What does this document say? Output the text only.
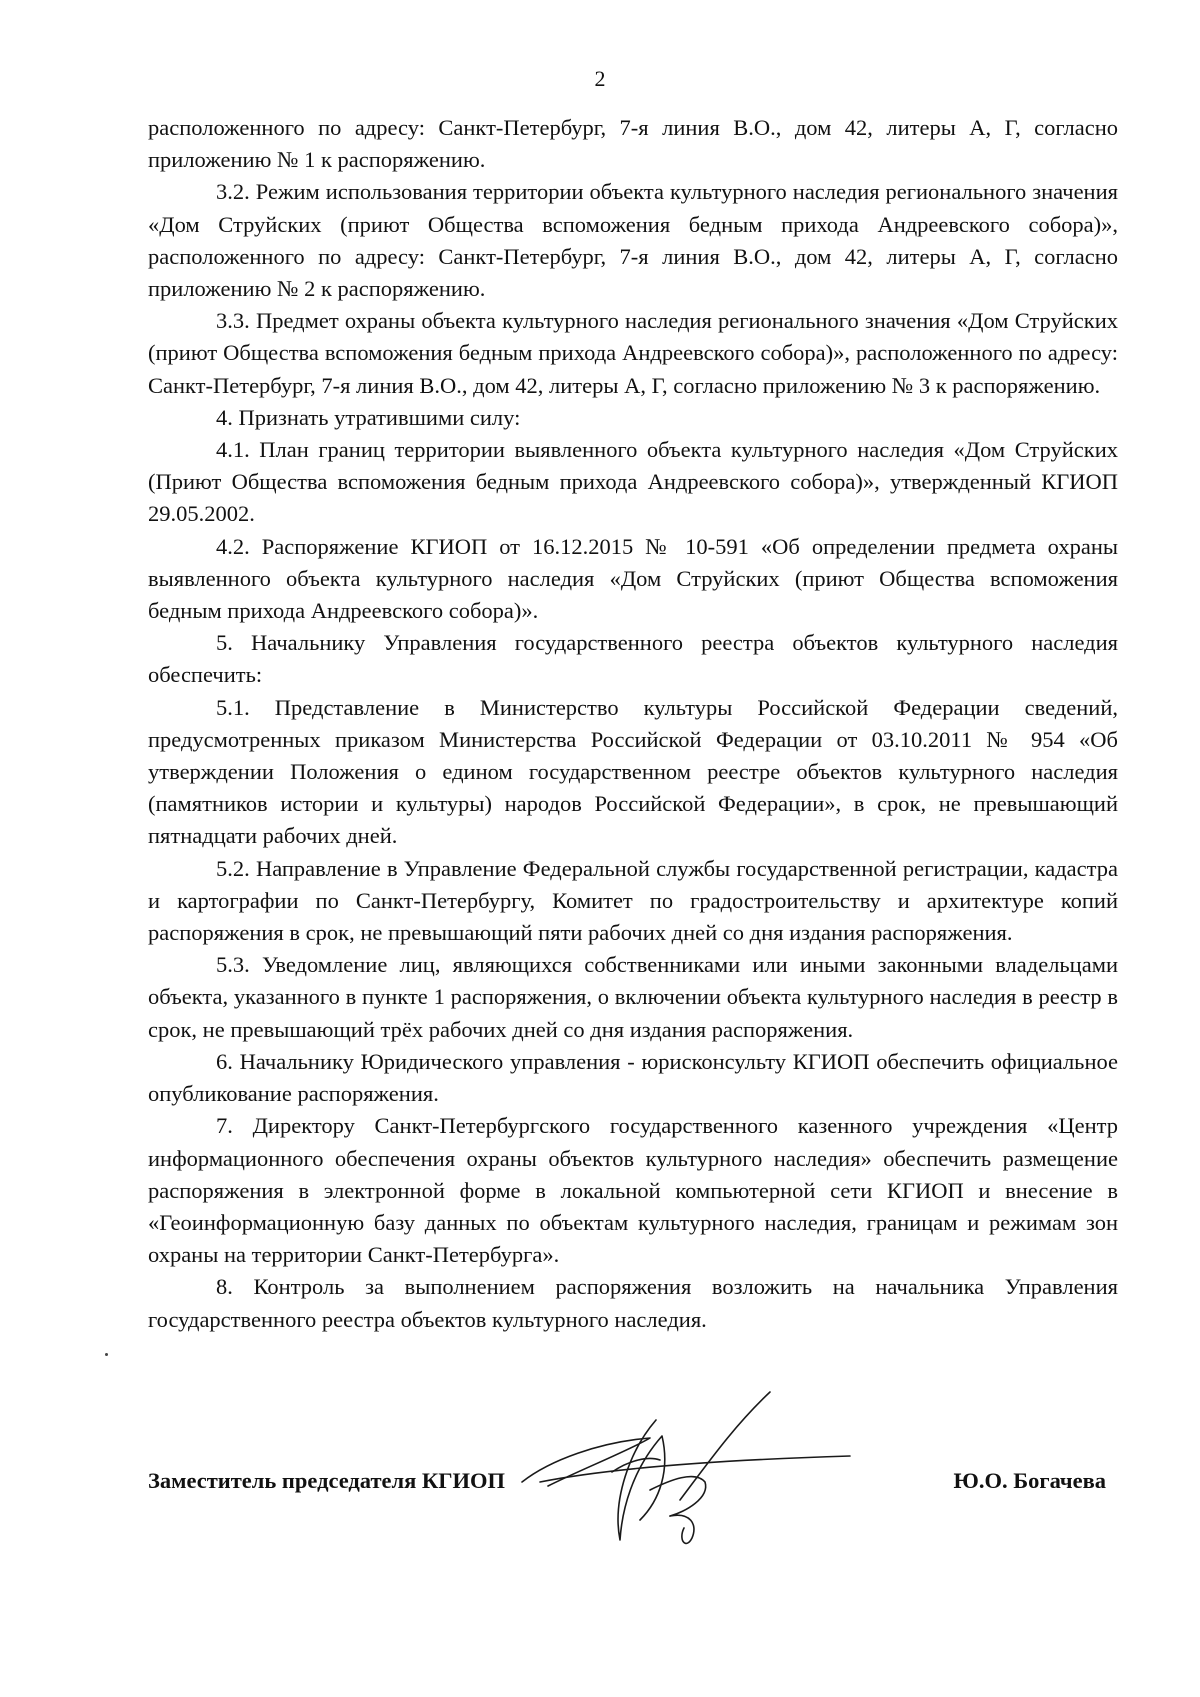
2

расположенного по адресу: Санкт-Петербург, 7-я линия В.О., дом 42, литеры А, Г, согласно приложению № 1 к распоряжению.

3.2. Режим использования территории объекта культурного наследия регионального значения «Дом Струйских (приют Общества вспоможения бедным прихода Андреевского собора)», расположенного по адресу: Санкт-Петербург, 7-я линия В.О., дом 42, литеры А, Г, согласно приложению № 2 к распоряжению.

3.3. Предмет охраны объекта культурного наследия регионального значения «Дом Струйских (приют Общества вспоможения бедным прихода Андреевского собора)», расположенного по адресу: Санкт-Петербург, 7-я линия В.О., дом 42, литеры А, Г, согласно приложению № 3 к распоряжению.

4. Признать утратившими силу:

4.1. План границ территории выявленного объекта культурного наследия «Дом Струйских (Приют Общества вспоможения бедным прихода Андреевского собора)», утвержденный КГИОП 29.05.2002.

4.2. Распоряжение КГИОП от 16.12.2015 № 10-591 «Об определении предмета охраны выявленного объекта культурного наследия «Дом Струйских (приют Общества вспоможения бедным прихода Андреевского собора)».

5. Начальнику Управления государственного реестра объектов культурного наследия обеспечить:

5.1. Представление в Министерство культуры Российской Федерации сведений, предусмотренных приказом Министерства Российской Федерации от 03.10.2011 № 954 «Об утверждении Положения о едином государственном реестре объектов культурного наследия (памятников истории и культуры) народов Российской Федерации», в срок, не превышающий пятнадцати рабочих дней.

5.2. Направление в Управление Федеральной службы государственной регистрации, кадастра и картографии по Санкт-Петербургу, Комитет по градостроительству и архитектуре копий распоряжения в срок, не превышающий пяти рабочих дней со дня издания распоряжения.

5.3. Уведомление лиц, являющихся собственниками или иными законными владельцами объекта, указанного в пункте 1 распоряжения, о включении объекта культурного наследия в реестр в срок, не превышающий трёх рабочих дней со дня издания распоряжения.

6. Начальнику Юридического управления - юрисконсульту КГИОП обеспечить официальное опубликование распоряжения.

7. Директору Санкт-Петербургского государственного казенного учреждения «Центр информационного обеспечения охраны объектов культурного наследия» обеспечить размещение распоряжения в электронной форме в локальной компьютерной сети КГИОП и внесение в «Геоинформационную базу данных по объектам культурного наследия, границам и режимам зон охраны на территории Санкт-Петербурга».

8. Контроль за выполнением распоряжения возложить на начальника Управления государственного реестра объектов культурного наследия.

Заместитель председателя КГИОП	Ю.О. Богачева
